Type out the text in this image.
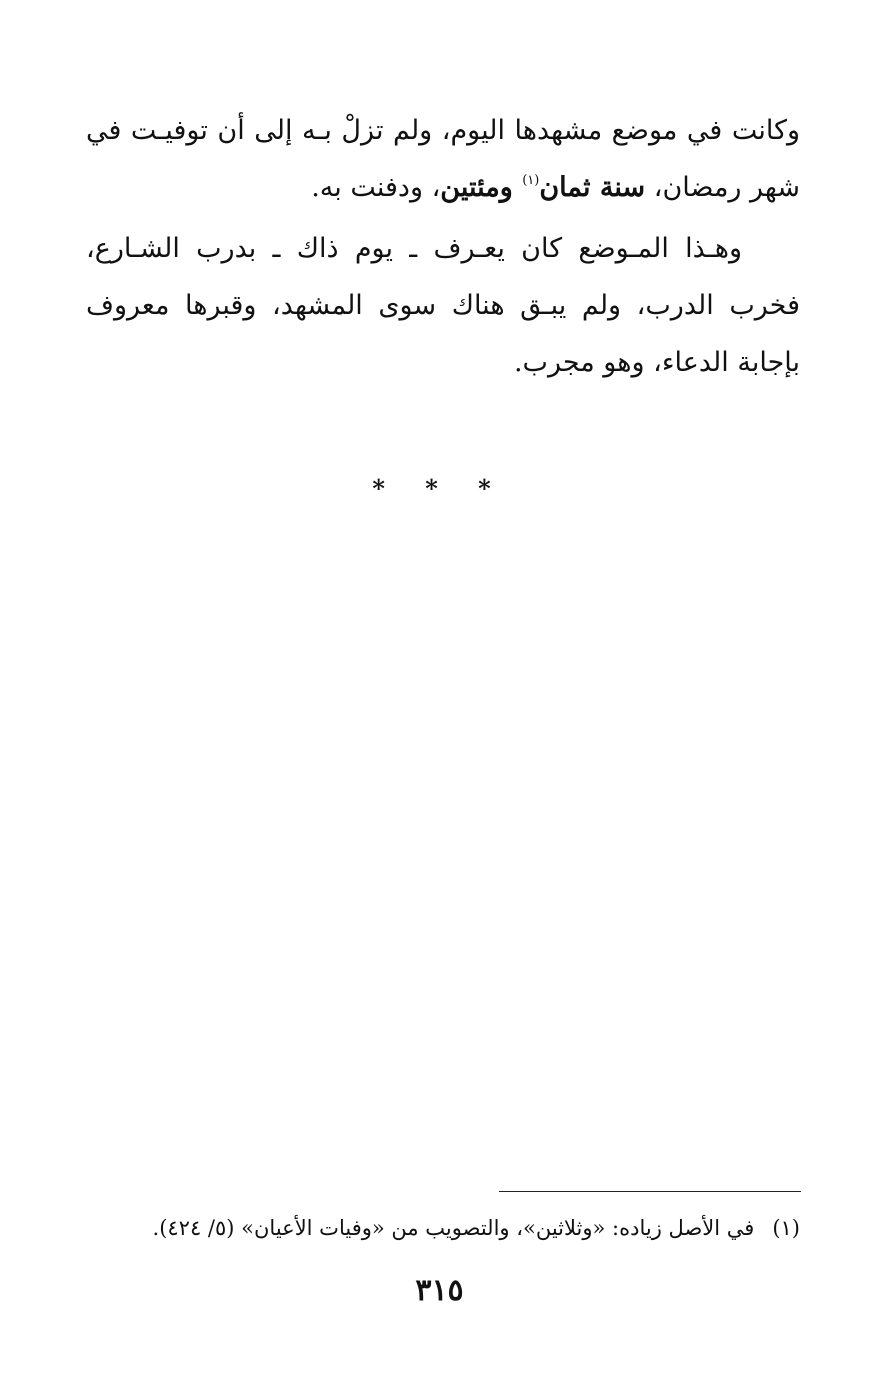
وكانت في موضع مشهدها اليوم، ولم تزلْ بـه إلى أن توفيـت في شهر رمضان، سنة ثمان$^{(١)}$ ومئتين، ودفنت به.

وهـذا المـوضع كان يعـرف ـ يوم ذاك ـ بدرب الشـارع، فخرب الدرب، ولم يبـق هناك سوى المشهد، وقبرها معروف بإجابة الدعاء، وهو مجرب.

* * *
(١)في الأصل زياده: «وثلاثين»، والتصويب من «وفيات الأعيان» (٥/ ٤٢٤).
٣١٥
